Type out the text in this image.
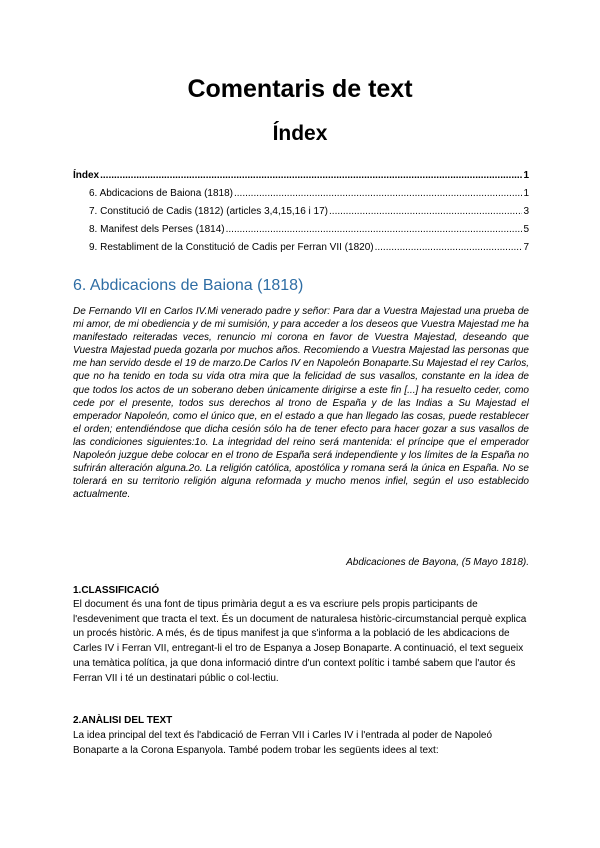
Comentaris de text
Índex
Índex .....	1
6. Abdicacions de Baiona (1818) .....	1
7. Constitució de Cadis (1812) (articles 3,4,15,16 i 17) .....	3
8. Manifest dels Perses (1814) .....	5
9. Restabliment de la Constitució de Cadis per Ferran VII (1820) .....	7
6. Abdicacions de Baiona (1818)
De Fernando VII en Carlos IV.Mi venerado padre y señor: Para dar a Vuestra Majestad una prueba de mi amor, de mi obediencia y de mi sumisión, y para acceder a los deseos que Vuestra Majestad me ha manifestado reiteradas veces, renuncio mi corona en favor de Vuestra Majestad, deseando que Vuestra Majestad pueda gozarla por muchos años. Recomiendo a Vuestra Majestad las personas que me han servido desde el 19 de marzo.De Carlos IV en Napoleón Bonaparte.Su Majestad el rey Carlos, que no ha tenido en toda su vida otra mira que la felicidad de sus vasallos, constante en la idea de que todos los actos de un soberano deben únicamente dirigirse a este fin [...] ha resuelto ceder, como cede por el presente, todos sus derechos al trono de España y de las Indias a Su Majestad el emperador Napoleón, como el único que, en el estado a que han llegado las cosas, puede restablecer el orden; entendiéndose que dicha cesión sólo ha de tener efecto para hacer gozar a sus vasallos de las condiciones siguientes:1o. La integridad del reino será mantenida: el príncipe que el emperador Napoleón juzgue debe colocar en el trono de España será independiente y los límites de la España no sufrirán alteración alguna.2o. La religión católica, apostólica y romana será la única en España. No se tolerará en su territorio religión alguna reformada y mucho menos infiel, según el uso establecido actualmente.
Abdicaciones de Bayona, (5 Mayo 1818).
1.CLASSIFICACIÓ
El document és una font de tipus primària degut a es va escriure pels propis participants de l'esdeveniment que tracta el text. És un document de naturalesa històric-circumstancial perquè explica un procés històric. A més, és de tipus manifest ja que s'informa a la població de les abdicacions de Carles IV i Ferran VII, entregant-li el tro de Espanya a Josep Bonaparte. A continuació, el text segueix una temàtica política, ja que dona informació dintre d'un context polític i també sabem que l'autor és Ferran VII i té un destinatari públic o col·lectiu.
2.ANÀLISI DEL TEXT
La idea principal del text és l'abdicació de Ferran VII i Carles IV i l'entrada al poder de Napoleó Bonaparte a la Corona Espanyola. També podem trobar les següents idees al text:
